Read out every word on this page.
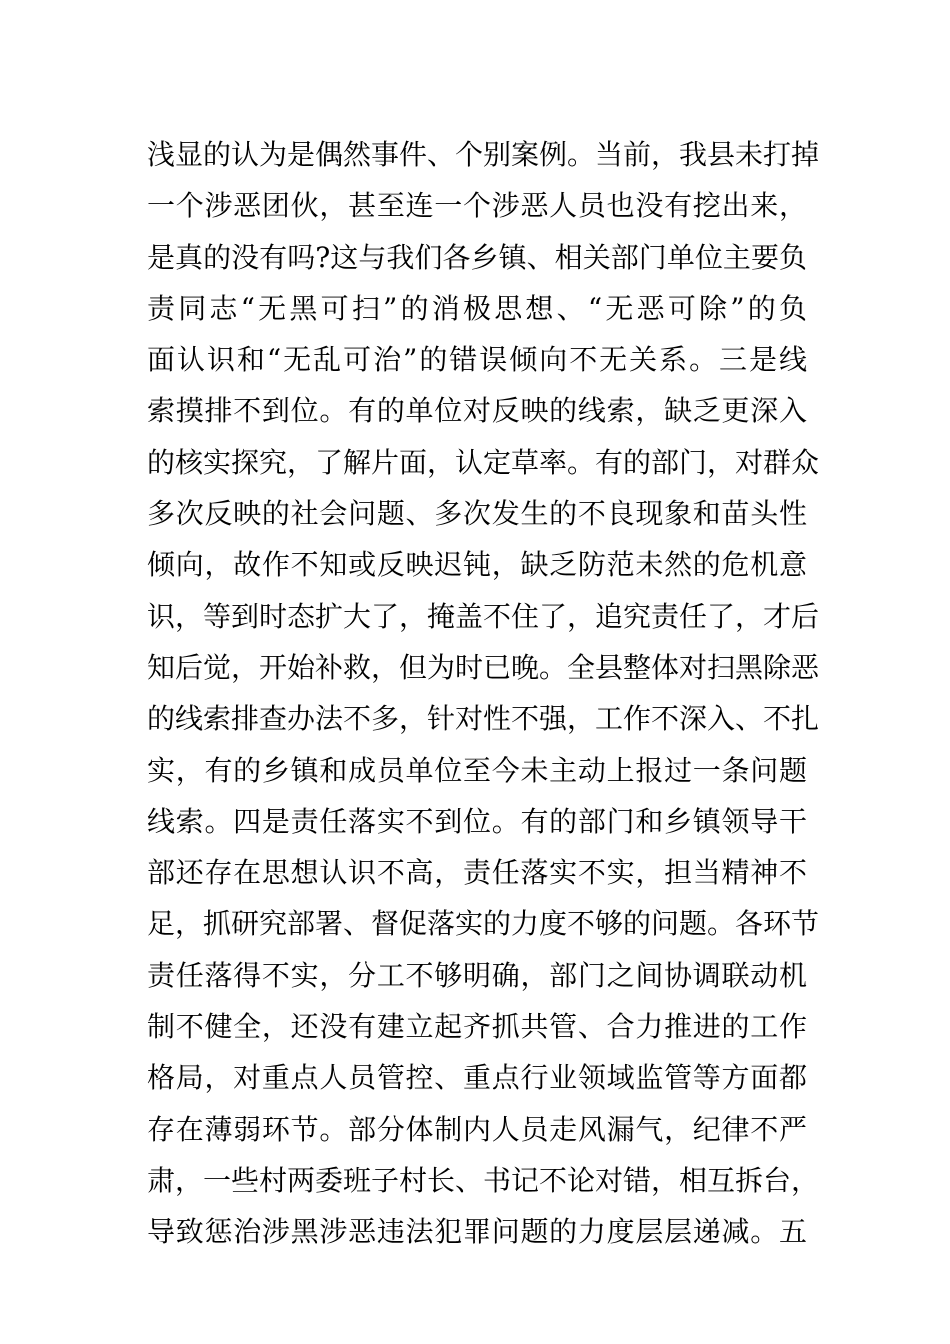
浅显的认为是偶然事件、个别案例。当前，我县未打掉
一个涉恶团伙，甚至连一个涉恶人员也没有挖出来，
是真的没有吗?这与我们各乡镇、相关部门单位主要负
责同志“无黑可扫”的消极思想、“无恶可除”的负
面认识和“无乱可治”的错误倾向不无关系。三是线
索摸排不到位。有的单位对反映的线索，缺乏更深入
的核实探究，了解片面，认定草率。有的部门，对群众
多次反映的社会问题、多次发生的不良现象和苗头性
倾向，故作不知或反映迟钝，缺乏防范未然的危机意
识，等到时态扩大了，掩盖不住了，追究责任了，才后
知后觉，开始补救，但为时已晚。全县整体对扫黑除恶
的线索排查办法不多，针对性不强，工作不深入、不扎
实，有的乡镇和成员单位至今未主动上报过一条问题
线索。四是责任落实不到位。有的部门和乡镇领导干
部还存在思想认识不高，责任落实不实，担当精神不
足，抓研究部署、督促落实的力度不够的问题。各环节
责任落得不实，分工不够明确，部门之间协调联动机
制不健全，还没有建立起齐抓共管、合力推进的工作
格局，对重点人员管控、重点行业领域监管等方面都
存在薄弱环节。部分体制内人员走风漏气，纪律不严
肃，一些村两委班子村长、书记不论对错，相互拆台，
导致惩治涉黑涉恶违法犯罪问题的力度层层递减。五
